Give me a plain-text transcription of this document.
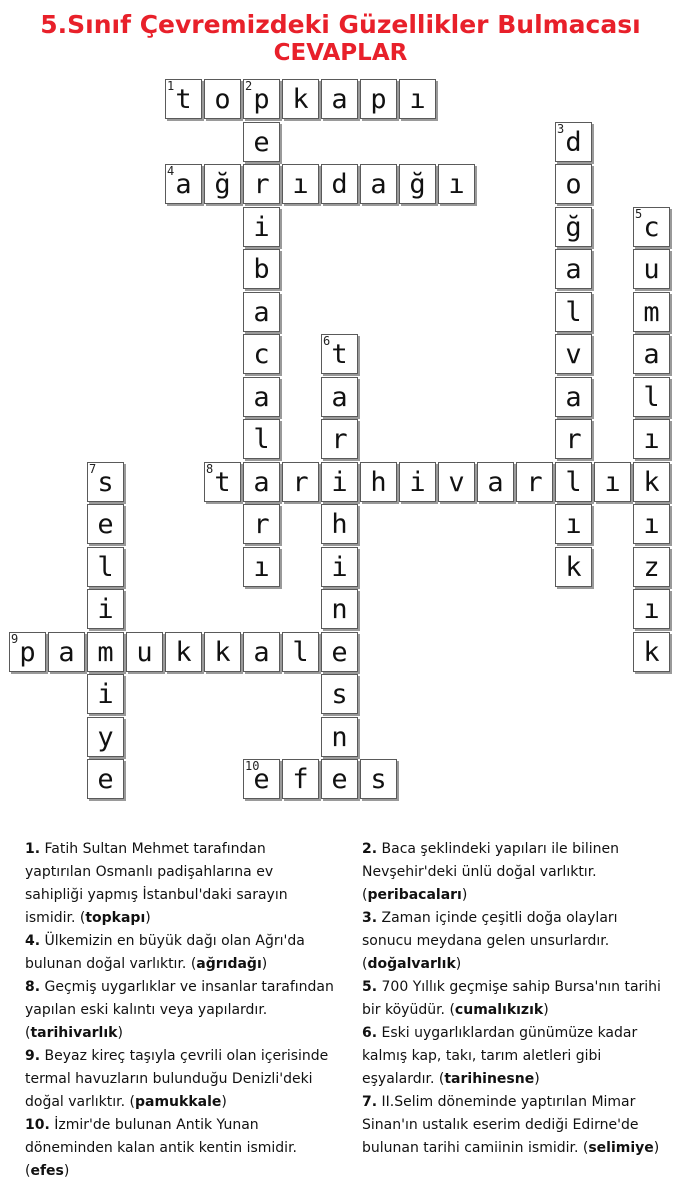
5.Sınıf Çevremizdeki Güzellikler Bulmacası
CEVAPLAR
t
1	o p
2	k a p ı
e
r
i
b
a
c
a
l
a
r
ı
d
3
o
ğ
a
l
v
a
r
l
ı
k
a
4	ğ	ı d a ğ ı
c
5
u
m
a
l
ı
k
ı
z
ı
k
t
6
a
r
i
h
i
n
e
s
n
e
s
7
e
l
i
m
i
y
e
t
8	r	h i v a r	ı
p
9	a	u k k a l
e
10	f	s

1. Fatih Sultan Mehmet tarafından yaptırılan Osmanlı padişahlarına ev sahipliği yapmış İstanbul'daki sarayın ismidir. (topkapı)

4. Ülkemizin en büyük dağı olan Ağrı'da bulunan doğal varlıktır. (ağrıdağı)

8. Geçmiş uygarlıklar ve insanlar tarafından yapılan eski kalıntı veya yapılardır. (tarihivarlık)

9. Beyaz kireç taşıyla çevrili olan içerisinde termal havuzların bulunduğu Denizli'deki doğal varlıktır. (pamukkale)

10. İzmir'de bulunan Antik Yunan döneminden kalan antik kentin ismidir. (efes)

2. Baca şeklindeki yapıları ile bilinen Nevşehir'deki ünlü doğal varlıktır. (peribacaları)

3. Zaman içinde çeşitli doğa olayları sonucu meydana gelen unsurlardır. (doğalvarlık)

5. 700 Yıllık geçmişe sahip Bursa'nın tarihi bir köyüdür. (cumalıkızık)

6. Eski uygarlıklardan günümüze kadar kalmış kap, takı, tarım aletleri gibi eşyalardır. (tarihinesne)

7. II.Selim döneminde yaptırılan Mimar Sinan'ın ustalık eserim dediği Edirne'de bulunan tarihi camiinin ismidir. (selimiye)
